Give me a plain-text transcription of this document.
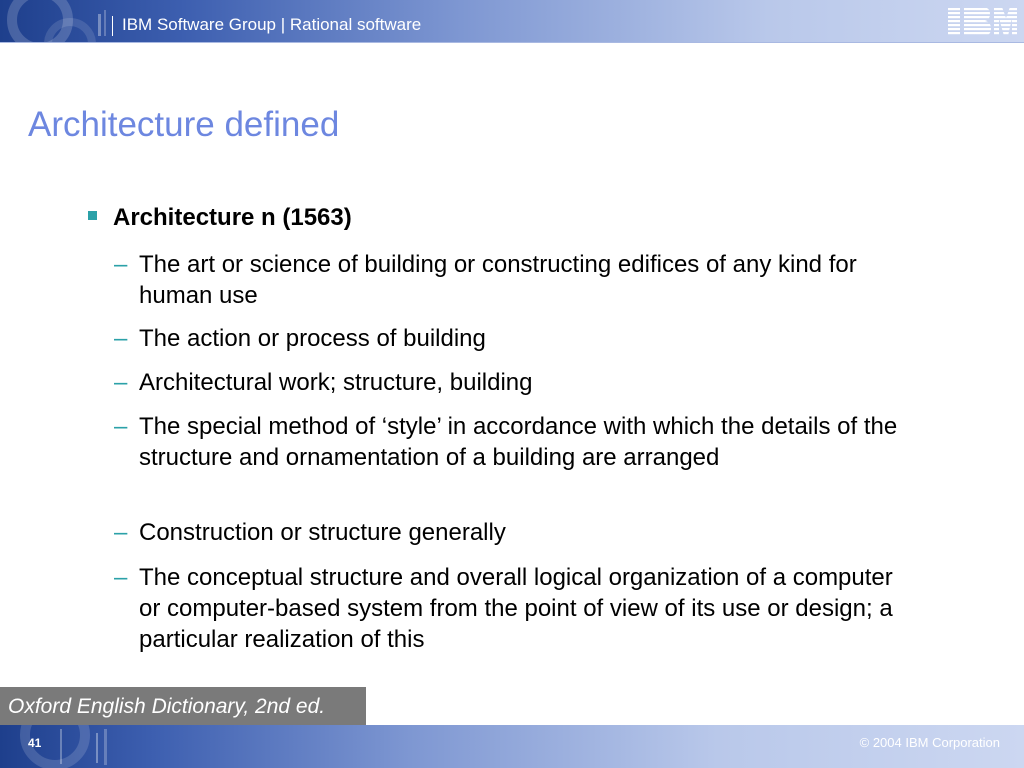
IBM Software Group | Rational software
Architecture defined
Architecture n (1563)
– The art or science of building or constructing edifices of any kind for human use
– The action or process of building
– Architectural work; structure, building
– The special method of ‘style’ in accordance with which the details of the structure and ornamentation of a building are arranged
– Construction or structure generally
– The conceptual structure and overall logical organization of a computer or computer-based system from the point of view of its use or design; a particular realization of this
Oxford English Dictionary, 2nd ed.
41	© 2004 IBM Corporation
